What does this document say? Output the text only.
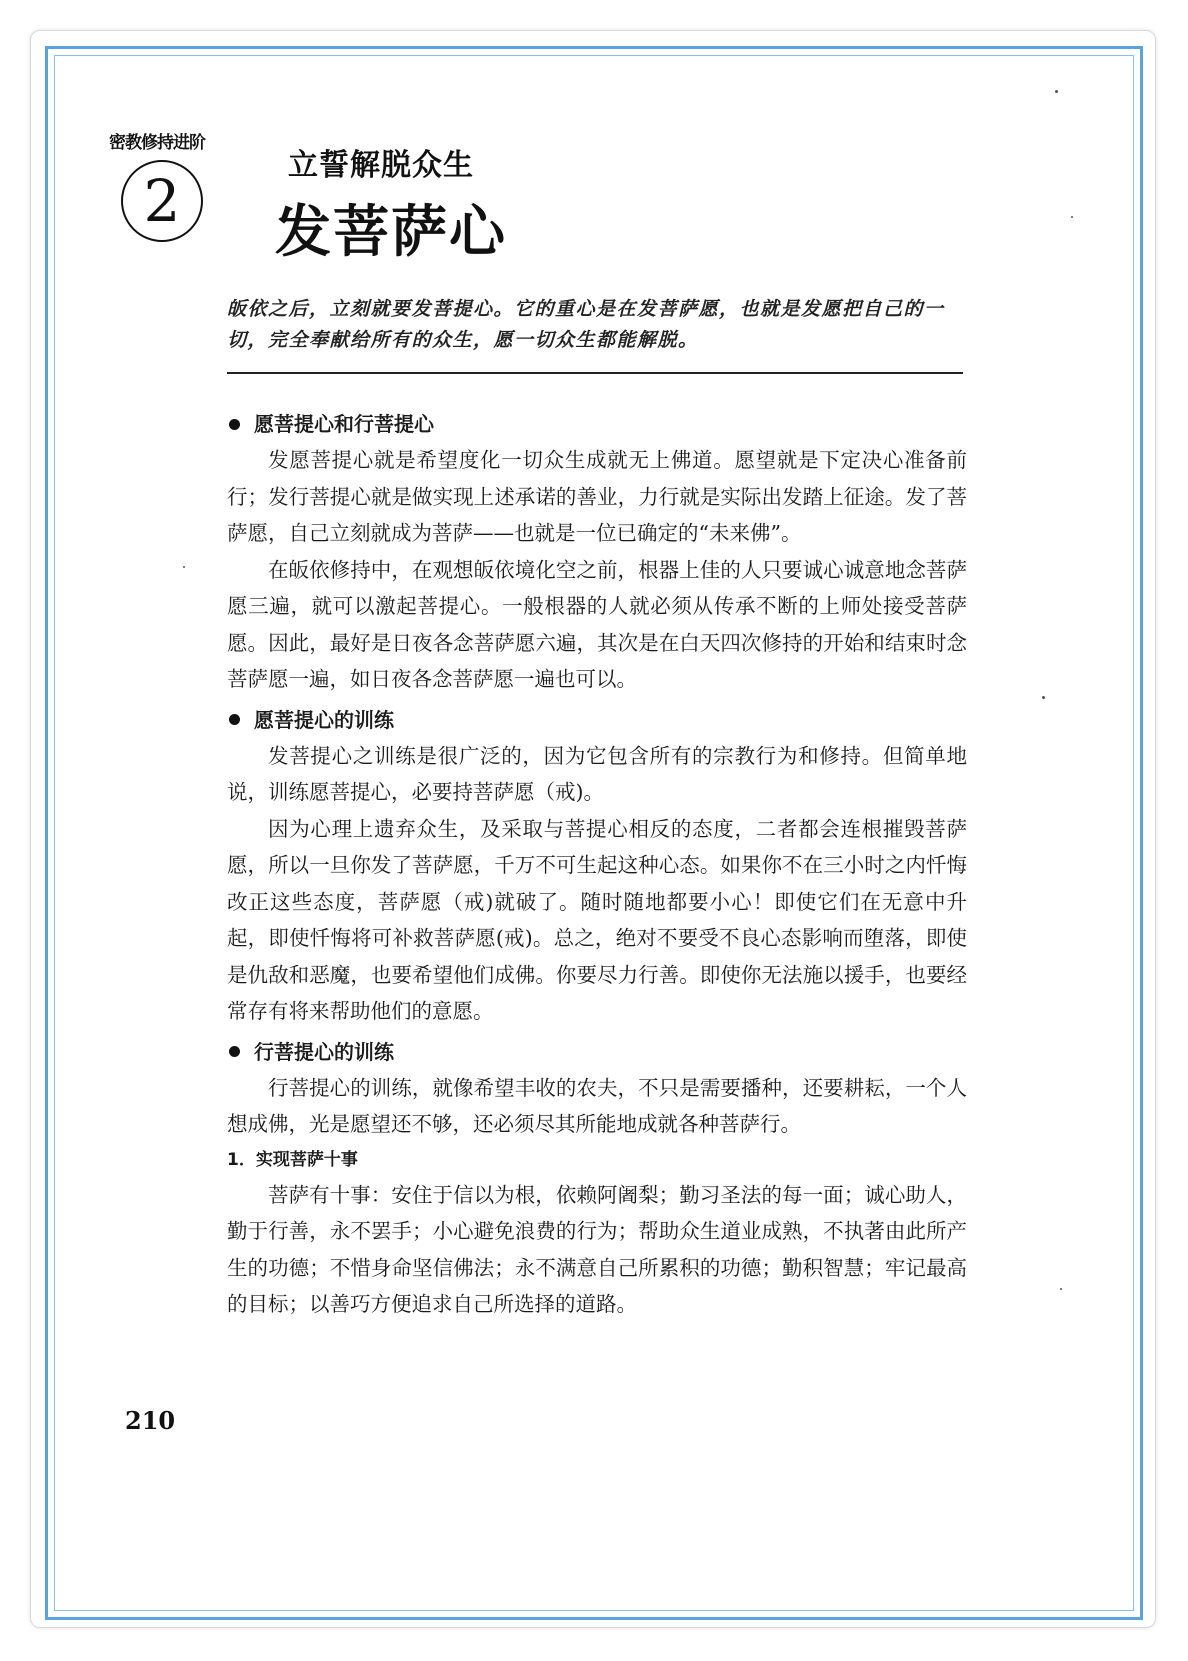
密教修持进阶
2
立誓解脱众生
发菩萨心
皈依之后，立刻就要发菩提心。它的重心是在发菩萨愿，也就是发愿把自己的一切，完全奉献给所有的众生，愿一切众生都能解脱。
愿菩提心和行菩提心

发愿菩提心就是希望度化一切众生成就无上佛道。愿望就是下定决心准备前行；发行菩提心就是做实现上述承诺的善业，力行就是实际出发踏上征途。发了菩萨愿，自己立刻就成为菩萨——也就是一位已确定的“未来佛”。

在皈依修持中，在观想皈依境化空之前，根器上佳的人只要诚心诚意地念菩萨愿三遍，就可以激起菩提心。一般根器的人就必须从传承不断的上师处接受菩萨愿。因此，最好是日夜各念菩萨愿六遍，其次是在白天四次修持的开始和结束时念菩萨愿一遍，如日夜各念菩萨愿一遍也可以。

愿菩提心的训练

发菩提心之训练是很广泛的，因为它包含所有的宗教行为和修持。但简单地说，训练愿菩提心，必要持菩萨愿（戒)。

因为心理上遗弃众生，及采取与菩提心相反的态度，二者都会连根摧毁菩萨愿，所以一旦你发了菩萨愿，千万不可生起这种心态。如果你不在三小时之内忏悔改正这些态度，菩萨愿（戒)就破了。随时随地都要小心！即使它们在无意中升起，即使忏悔将可补救菩萨愿(戒)。总之，绝对不要受不良心态影响而堕落，即使是仇敌和恶魔，也要希望他们成佛。你要尽力行善。即使你无法施以援手，也要经常存有将来帮助他们的意愿。

行菩提心的训练

行菩提心的训练，就像希望丰收的农夫，不只是需要播种，还要耕耘，一个人想成佛，光是愿望还不够，还必须尽其所能地成就各种菩萨行。

1．实现菩萨十事

菩萨有十事：安住于信以为根，依赖阿阇梨；勤习圣法的每一面；诚心助人，勤于行善，永不罢手；小心避免浪费的行为；帮助众生道业成熟，不执著由此所产生的功德；不惜身命坚信佛法；永不满意自己所累积的功德；勤积智慧；牢记最高的目标；以善巧方便追求自己所选择的道路。

210
